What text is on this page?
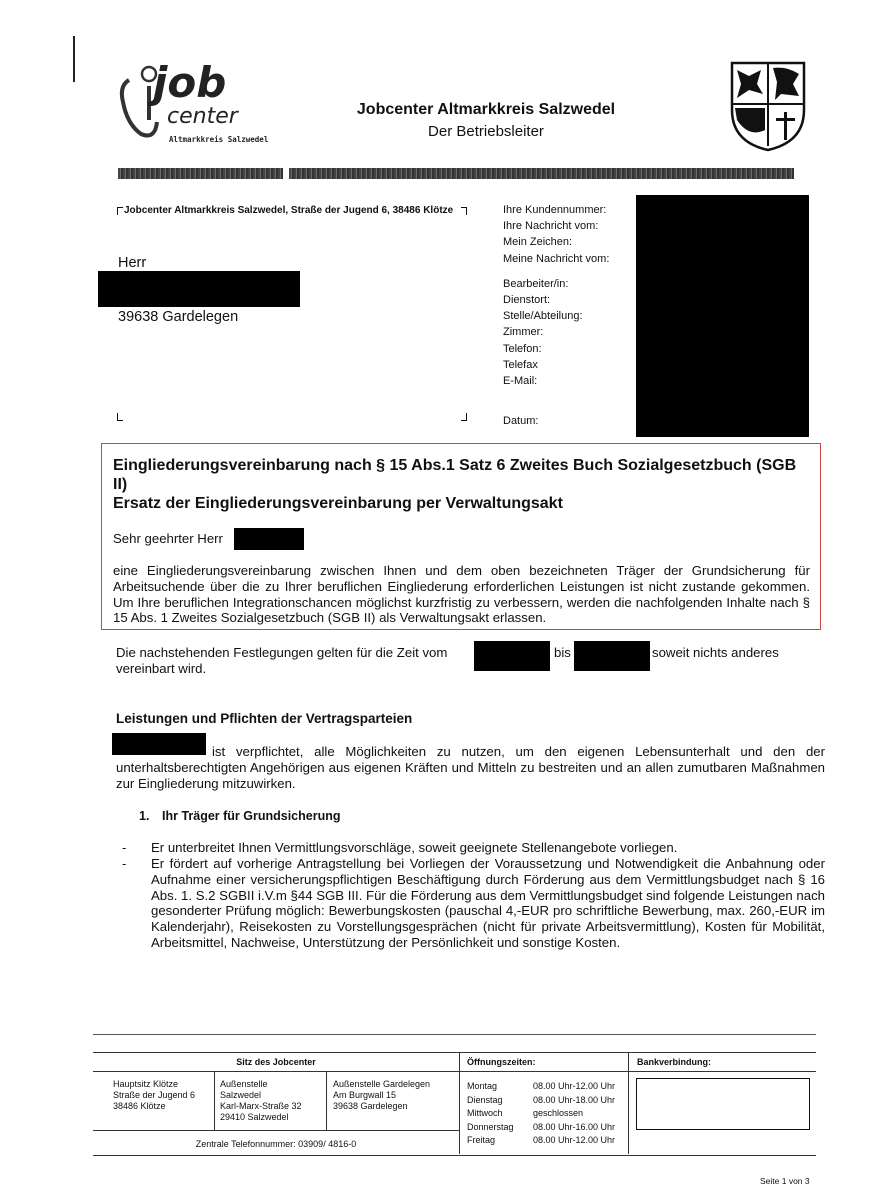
job
center
Altmarkkreis Salzwedel
Jobcenter Altmarkkreis Salzwedel
Der Betriebsleiter
Jobcenter Altmarkkreis Salzwedel, Straße der Jugend 6, 38486 Klötze
Herr
39638 Gardelegen
Ihre Kundennummer:
Ihre Nachricht vom:
Mein Zeichen:
Meine Nachricht vom:
Bearbeiter/in:
Dienstort:
Stelle/Abteilung:
Zimmer:
Telefon:
Telefax
E-Mail:
Datum:
Eingliederungsvereinbarung nach § 15 Abs.1 Satz 6 Zweites Buch Sozialgesetzbuch (SGB II)
Ersatz der Eingliederungsvereinbarung per Verwaltungsakt
Sehr geehrter Herr
eine Eingliederungsvereinbarung zwischen Ihnen und dem oben bezeichneten Träger der Grundsicherung für Arbeitsuchende über die zu Ihrer beruflichen Eingliederung erforderlichen Leistungen ist nicht zustande gekommen. Um Ihre beruflichen Integrationschancen möglichst kurzfristig zu verbessern, werden die nachfolgenden Inhalte nach § 15 Abs. 1 Zweites Sozialgesetzbuch (SGB II) als Verwaltungsakt erlassen.
Die nachstehenden Festlegungen gelten für die Zeit vom	bis	soweit nichts anderes
vereinbart wird.
Leistungen und Pflichten der Vertragsparteien
ist verpflichtet, alle Möglichkeiten zu nutzen, um den eigenen Lebensunterhalt und den der unterhaltsberechtigten Angehörigen aus eigenen Kräften und Mitteln zu bestreiten und an allen zumutbaren Maßnahmen zur Eingliederung mitzuwirken.
1. Ihr Träger für Grundsicherung
- Er unterbreitet Ihnen Vermittlungsvorschläge, soweit geeignete Stellenangebote vorliegen.
- Er fördert auf vorherige Antragstellung bei Vorliegen der Voraussetzung und Notwendigkeit die Anbahnung oder Aufnahme einer versicherungspflichtigen Beschäftigung durch Förderung aus dem Vermittlungsbudget nach § 16 Abs. 1. S.2 SGBII i.V.m §44 SGB III. Für die Förderung aus dem Vermittlungsbudget sind folgende Leistungen nach gesonderter Prüfung möglich: Bewerbungskosten (pauschal 4,-EUR pro schriftliche Bewerbung, max. 260,-EUR im Kalenderjahr), Reisekosten zu Vorstellungsgesprächen (nicht für private Arbeitsvermittlung), Kosten für Mobilität, Arbeitsmittel, Nachweise, Unterstützung der Persönlichkeit und sonstige Kosten.
Sitz des Jobcenter	Öffnungszeiten:	Bankverbindung:
Hauptsitz Klötze
Straße der Jugend 6
38486 Klötze
Außenstelle
Salzwedel
Karl-Marx-Straße 32
29410 Salzwedel
Außenstelle Gardelegen
Am Burgwall 15
39638 Gardelegen
Zentrale Telefonnummer: 03909/ 4816-0
Montag	08.00 Uhr-12.00 Uhr
Dienstag	08.00 Uhr-18.00 Uhr
Mittwoch	geschlossen
Donnerstag 08.00 Uhr-16.00 Uhr
Freitag	08.00 Uhr-12.00 Uhr
Seite 1 von 3
